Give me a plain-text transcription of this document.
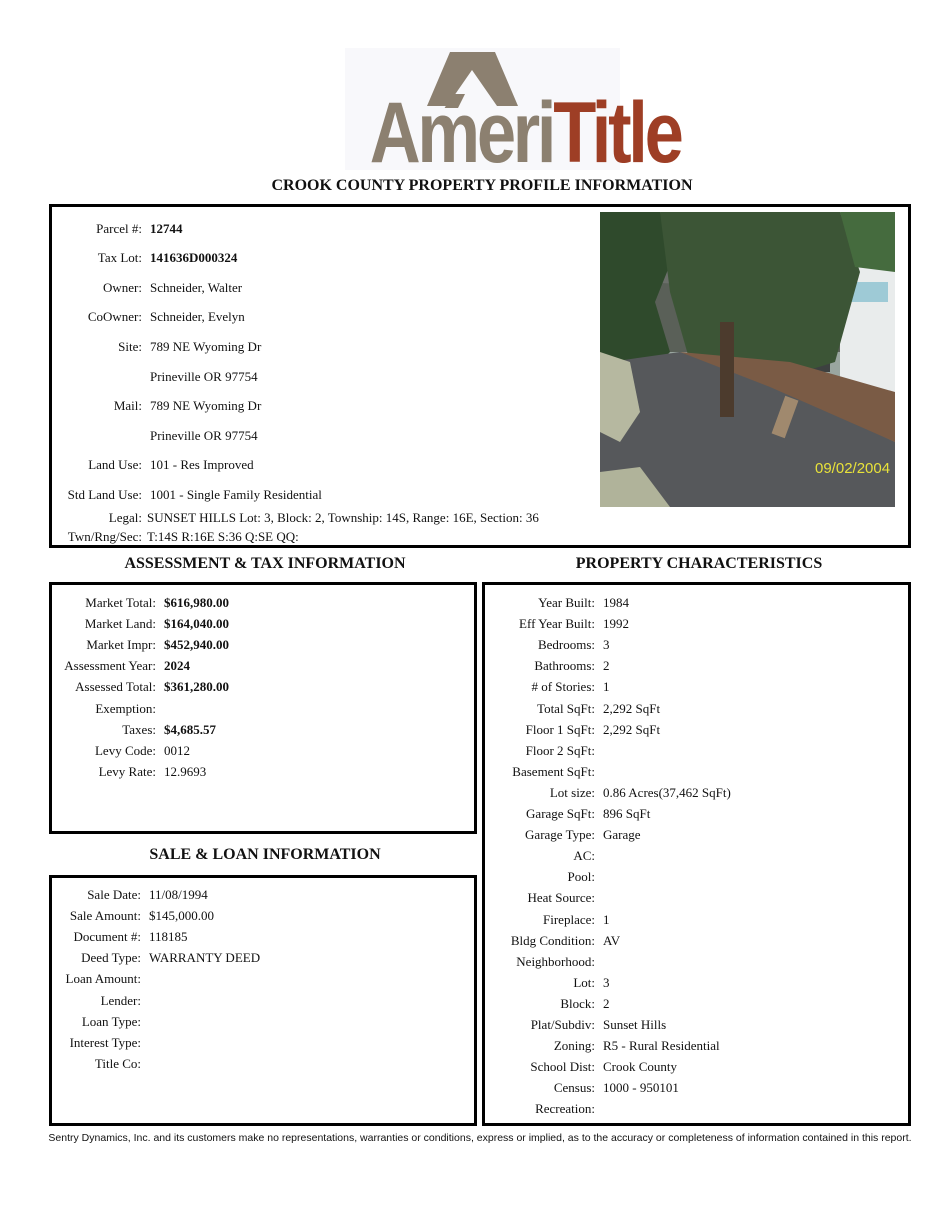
AmeriTitle
CROOK COUNTY PROPERTY PROFILE INFORMATION
Parcel #: 12744
Tax Lot: 141636D000324
Owner: Schneider, Walter
CoOwner: Schneider, Evelyn
Site: 789 NE Wyoming Dr
Prineville OR 97754
Mail: 789 NE Wyoming Dr
Prineville OR 97754
Land Use: 101 - Res Improved
Std Land Use: 1001 - Single Family Residential
Legal: SUNSET HILLS Lot: 3, Block: 2, Township: 14S, Range: 16E, Section: 36
Twn/Rng/Sec: T:14S R:16E S:36 Q:SE QQ:
09/02/2004
ASSESSMENT & TAX INFORMATION
Market Total: $616,980.00
Market Land: $164,040.00
Market Impr: $452,940.00
Assessment Year: 2024
Assessed Total: $361,280.00
Exemption:
Taxes: $4,685.57
Levy Code: 0012
Levy Rate: 12.9693
SALE & LOAN INFORMATION
Sale Date: 11/08/1994
Sale Amount: $145,000.00
Document #: 118185
Deed Type: WARRANTY DEED
Loan Amount:
Lender:
Loan Type:
Interest Type:
Title Co:
PROPERTY CHARACTERISTICS
Year Built: 1984
Eff Year Built: 1992
Bedrooms: 3
Bathrooms: 2
# of Stories: 1
Total SqFt: 2,292 SqFt
Floor 1 SqFt: 2,292 SqFt
Floor 2 SqFt:
Basement SqFt:
Lot size: 0.86 Acres(37,462 SqFt)
Garage SqFt: 896 SqFt
Garage Type: Garage
AC:
Pool:
Heat Source:
Fireplace: 1
Bldg Condition: AV
Neighborhood:
Lot: 3
Block: 2
Plat/Subdiv: Sunset Hills
Zoning: R5 - Rural Residential
School Dist: Crook County
Census: 1000 - 950101
Recreation:
Sentry Dynamics, Inc. and its customers make no representations, warranties or conditions, express or implied, as to the accuracy or completeness of information contained in this report.
